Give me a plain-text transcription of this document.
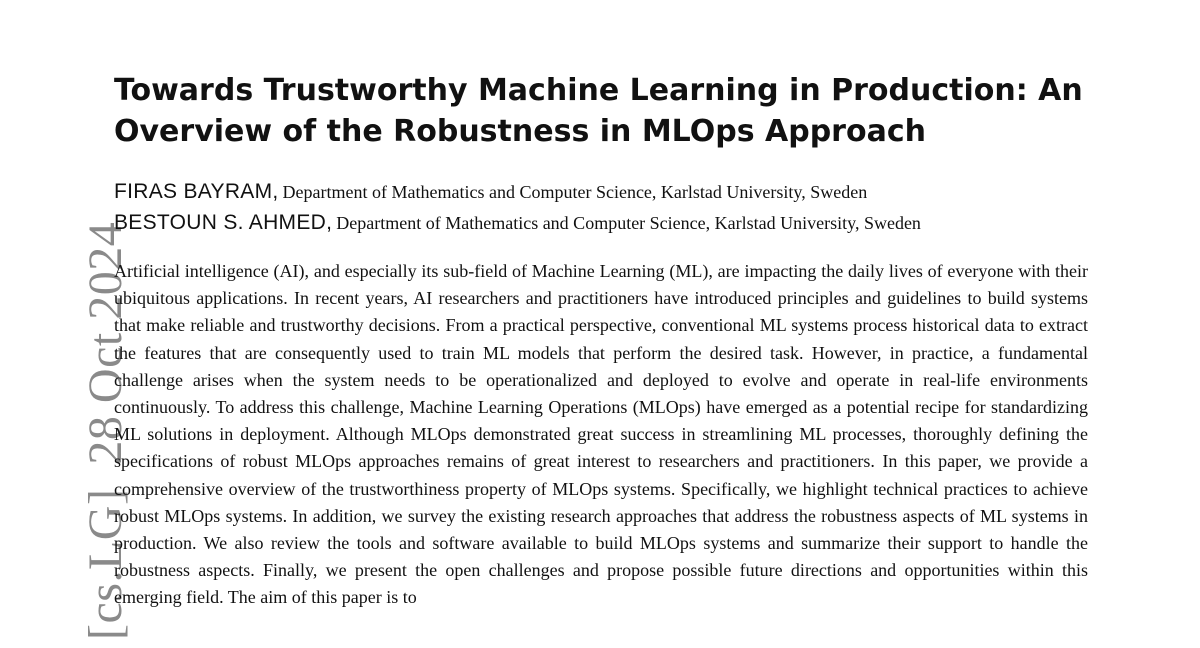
[cs.LG]28 Oct 2024
Towards Trustworthy Machine Learning in Production: An Overview of the Robustness in MLOps Approach
FIRAS BAYRAM, Department of Mathematics and Computer Science, Karlstad University, Sweden
BESTOUN S. AHMED, Department of Mathematics and Computer Science, Karlstad University, Sweden

Artificial intelligence (AI), and especially its sub-field of Machine Learning (ML), are impacting the daily lives of everyone with their ubiquitous applications. In recent years, AI researchers and practitioners have introduced principles and guidelines to build systems that make reliable and trustworthy decisions. From a practical perspective, conventional ML systems process historical data to extract the features that are consequently used to train ML models that perform the desired task. However, in practice, a fundamental challenge arises when the system needs to be operationalized and deployed to evolve and operate in real-life environments continuously. To address this challenge, Machine Learning Operations (MLOps) have emerged as a potential recipe for standardizing ML solutions in deployment. Although MLOps demonstrated great success in streamlining ML processes, thoroughly defining the specifications of robust MLOps approaches remains of great interest to researchers and practitioners. In this paper, we provide a comprehensive overview of the trustworthiness property of MLOps systems. Specifically, we highlight technical practices to achieve robust MLOps systems. In addition, we survey the existing research approaches that address the robustness aspects of ML systems in production. We also review the tools and software available to build MLOps systems and summarize their support to handle the robustness aspects. Finally, we present the open challenges and propose possible future directions and opportunities within this emerging field. The aim of this paper is to
